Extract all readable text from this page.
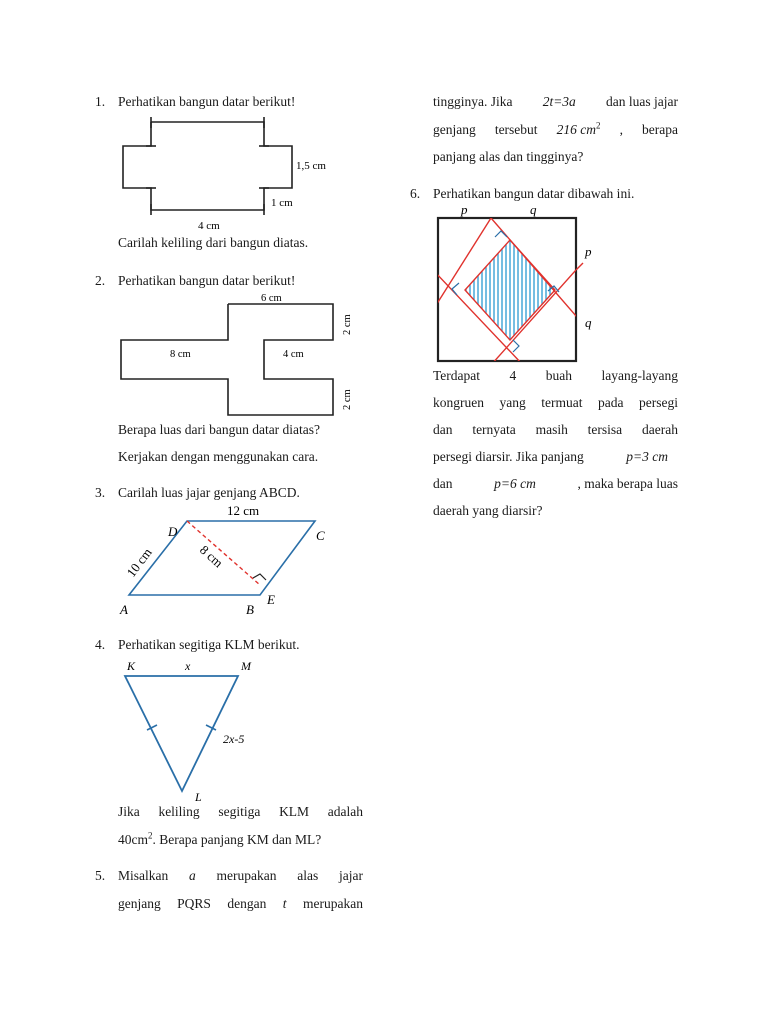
1. Perhatikan bangun datar berikut!
1,5 cm
1 cm
4 cm
Carilah keliling dari bangun diatas.
2. Perhatikan bangun datar berikut!
6 cm
8 cm	4 cm
2 cm
2 cm
Berapa luas dari bangun datar diatas?
Kerjakan dengan menggunakan cara.
3. Carilah luas jajar genjang ABCD.
12 cm
10 cm	8 cm
A	B
C
D
E
4. Perhatikan segitiga KLM berikut.
K	x	M
2x-5
L
Jika keliling segitiga KLM adalah
$40cm^2$. Berapa panjang KM dan ML?
5. Misalkan a merupakan alas jajar
genjang PQRS dengan t merupakan
tingginya. Jika 2t=3a dan luas jajar
genjang tersebut 216 $cm^2$ , berapa
panjang alas dan tingginya?
6. Perhatikan bangun datar dibawah ini.
p	q
p
q
Terdapat 4 buah layang-layang
kongruen yang termuat pada persegi
dan ternyata masih tersisa daerah
persegi diarsir. Jika panjang	p=3 cm
dan	p=6 cm	, maka berapa luas
daerah yang diarsir?
